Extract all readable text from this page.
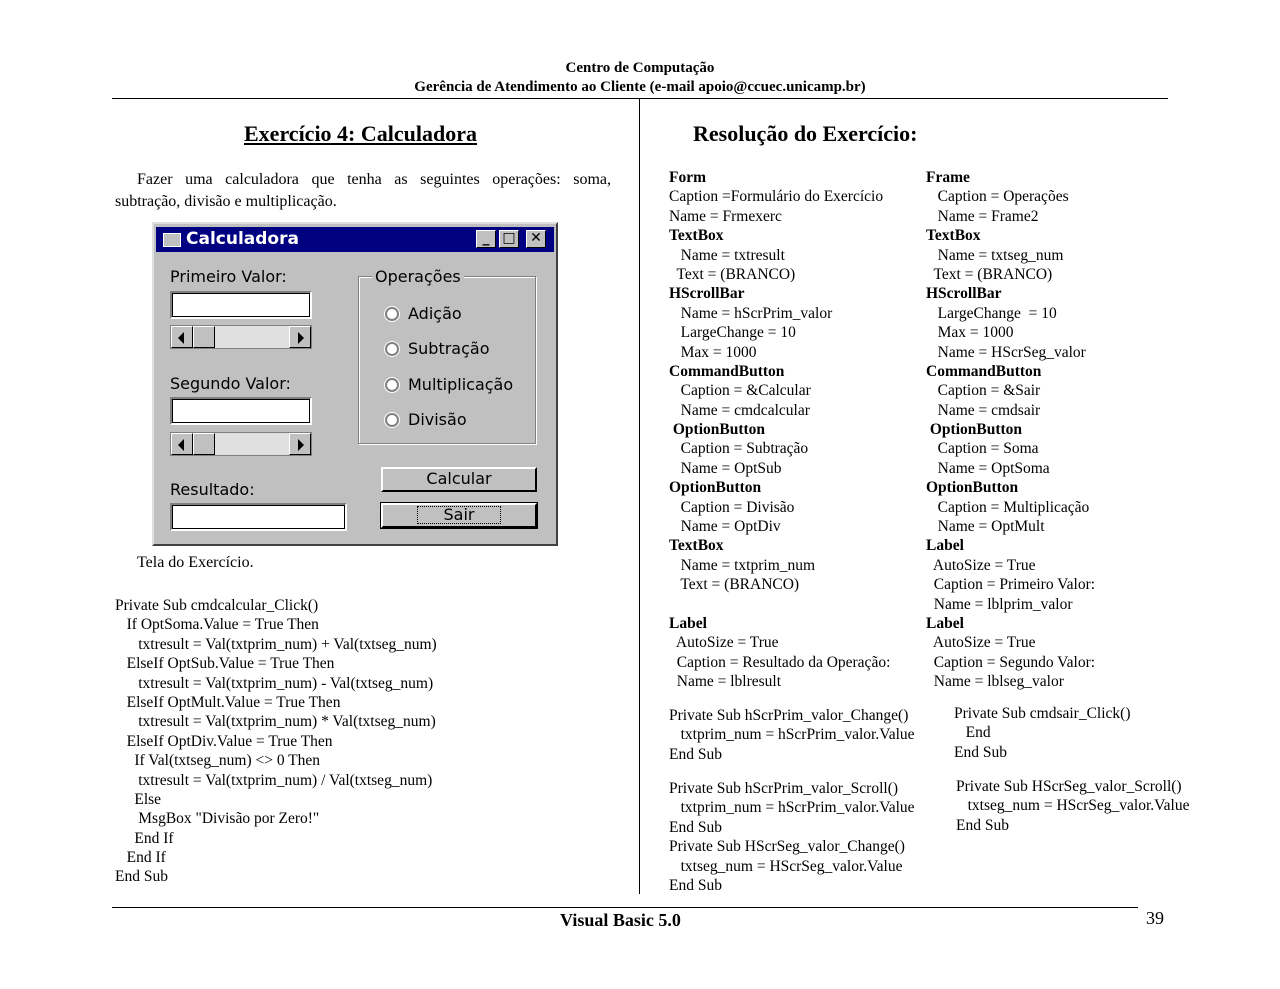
Centro de Computação
Gerência de Atendimento ao Cliente (e-mail apoio@ccuec.unicamp.br)
Exercício 4: Calculadora
Fazer uma calculadora que tenha as seguintes operações: soma, subtração, divisão e multiplicação.
Calculadora	_ □ ✕
Primeiro Valor:
Segundo Valor:
Resultado:
Operações
Adição
Subtração
Multiplicação
Divisão
Calcular
Sair
Tela do Exercício.
Private Sub cmdcalcular_Click()
If OptSoma.Value = True Then
txtresult = Val(txtprim_num) + Val(txtseg_num)
ElseIf OptSub.Value = True Then
txtresult = Val(txtprim_num) - Val(txtseg_num)
ElseIf OptMult.Value = True Then
txtresult = Val(txtprim_num) * Val(txtseg_num)
ElseIf OptDiv.Value = True Then
If Val(txtseg_num) <> 0 Then
txtresult = Val(txtprim_num) / Val(txtseg_num)
Else
MsgBox "Divisão por Zero!"
End If
End If
End Sub
Resolução do Exercício:
Form
Caption =Formulário do Exercício
Name = Frmexerc
TextBox
Name = txtresult
Text = (BRANCO)
HScrollBar
Name = hScrPrim_valor
LargeChange = 10
Max = 1000
CommandButton
Caption = &Calcular
Name = cmdcalcular
OptionButton
Caption = Subtração
Name = OptSub
OptionButton
Caption = Divisão
Name = OptDiv
TextBox
Name = txtprim_num
Text = (BRANCO)
Label
AutoSize = True
Caption = Resultado da Operação:
Name = lblresult
Frame
Caption = Operações
Name = Frame2
TextBox
Name = txtseg_num
Text = (BRANCO)
HScrollBar
LargeChange  = 10
Max = 1000
Name = HScrSeg_valor
CommandButton
Caption = &Sair
Name = cmdsair
OptionButton
Caption = Soma
Name = OptSoma
OptionButton
Caption = Multiplicação
Name = OptMult
Label
AutoSize = True
Caption = Primeiro Valor:
Name = lblprim_valor
Label
AutoSize = True
Caption = Segundo Valor:
Name = lblseg_valor
Private Sub hScrPrim_valor_Change()
txtprim_num = hScrPrim_valor.Value
End Sub
Private Sub cmdsair_Click()
End
End Sub
Private Sub hScrPrim_valor_Scroll()
txtprim_num = hScrPrim_valor.Value
End Sub
Private Sub HScrSeg_valor_Change()
txtseg_num = HScrSeg_valor.Value
End Sub
Private Sub HScrSeg_valor_Scroll()
txtseg_num = HScrSeg_valor.Value
End Sub
Visual Basic 5.0	39
